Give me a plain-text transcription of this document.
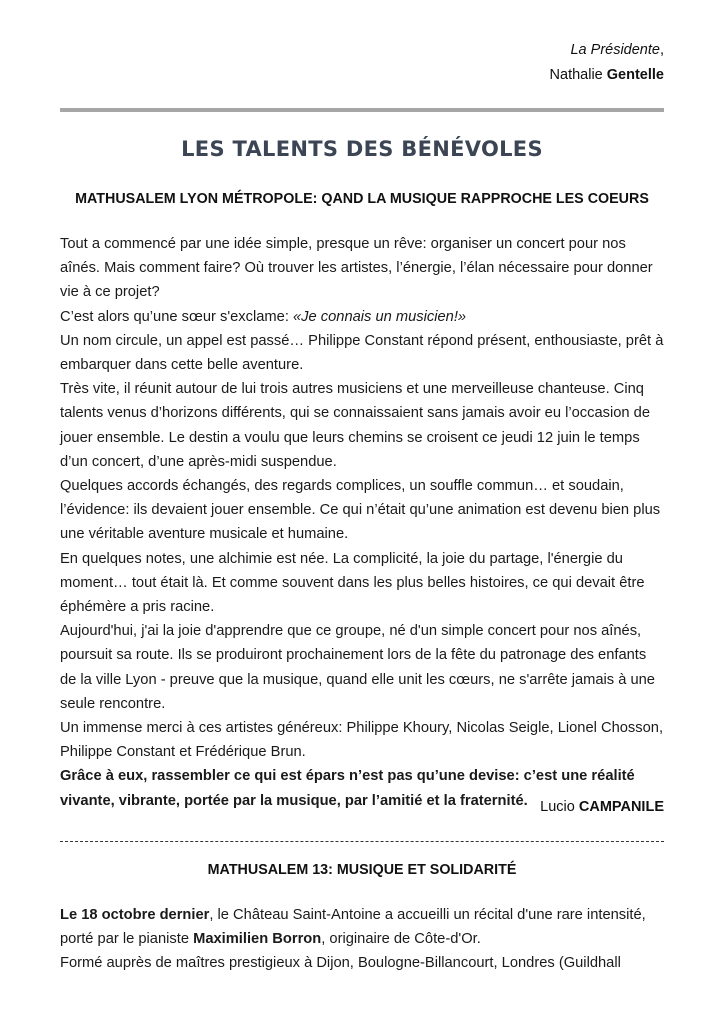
La Présidente,
Nathalie Gentelle
LES TALENTS DES BÉNÉVOLES
MATHUSALEM LYON MÉTROPOLE: QAND LA MUSIQUE RAPPROCHE LES COEURS

Tout a commencé par une idée simple, presque un rêve: organiser un concert pour nos aînés. Mais comment faire? Où trouver les artistes, l’énergie, l’élan nécessaire pour donner vie à ce projet?

C’est alors qu’une sœur s'exclame: «Je connais un musicien!»

Un nom circule, un appel est passé… Philippe Constant répond présent, enthousiaste, prêt à embarquer dans cette belle aventure.

Très vite, il réunit autour de lui trois autres musiciens et une merveilleuse chanteuse. Cinq talents venus d’horizons différents, qui se connaissaient sans jamais avoir eu l’occasion de jouer ensemble. Le destin a voulu que leurs chemins se croisent ce jeudi 12 juin le temps d’un concert, d’une après-midi suspendue.

Quelques accords échangés, des regards complices, un souffle commun… et soudain, l’évidence: ils devaient jouer ensemble. Ce qui n’était qu’une animation est devenu bien plus une véritable aventure musicale et humaine.

En quelques notes, une alchimie est née. La complicité, la joie du partage, l'énergie du moment… tout était là. Et comme souvent dans les plus belles histoires, ce qui devait être éphémère a pris racine.

Aujourd'hui, j'ai la joie d'apprendre que ce groupe, né d'un simple concert pour nos aînés, poursuit sa route. Ils se produiront prochainement lors de la fête du patronage des enfants de la ville Lyon - preuve que la musique, quand elle unit les cœurs, ne s'arrête jamais à une seule rencontre.

Un immense merci à ces artistes généreux: Philippe Khoury, Nicolas Seigle, Lionel Chosson, Philippe Constant et Frédérique Brun.

Grâce à eux, rassembler ce qui est épars n’est pas qu’une devise: c’est une réalité vivante, vibrante, portée par la musique, par l’amitié et la fraternité. Lucio CAMPANILE
MATHUSALEM 13: MUSIQUE ET SOLIDARITÉ

Le 18 octobre dernier, le Château Saint-Antoine a accueilli un récital d'une rare intensité, porté par le pianiste Maximilien Borron, originaire de Côte-d'Or.

Formé auprès de maîtres prestigieux à Dijon, Boulogne-Billancourt, Londres (Guildhall
